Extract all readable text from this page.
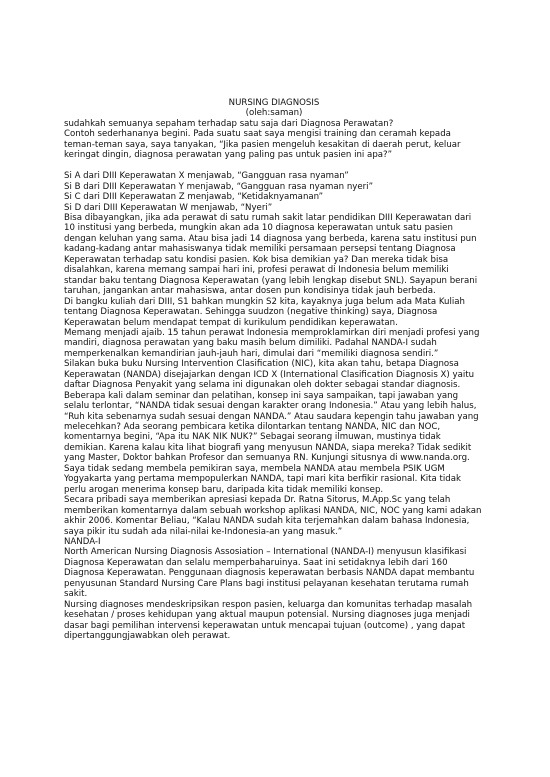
NURSING DIAGNOSIS
(oleh:saman)

sudahkah semuanya sepaham terhadap satu saja dari Diagnosa Perawatan?

Contoh sederhananya begini. Pada suatu saat saya mengisi training dan ceramah kepada teman-teman saya, saya tanyakan, “Jika pasien mengeluh kesakitan di daerah perut, keluar keringat dingin, diagnosa perawatan yang paling pas untuk pasien ini apa?”

Si A dari DIII Keperawatan X menjawab, “Gangguan rasa nyaman”

Si B dari DIII Keperawatan Y menjawab, “Gangguan rasa nyaman nyeri”

Si C dari DIII Keperawatan Z menjawab, “Ketidaknyamanan”

Si D dari DIII Keperawatan W menjawab, “Nyeri”

Bisa dibayangkan, jika ada perawat di satu rumah sakit latar pendidikan DIII Keperawatan dari 10 institusi yang berbeda, mungkin akan ada 10 diagnosa keperawatan untuk satu pasien dengan keluhan yang sama. Atau bisa jadi 14 diagnosa yang berbeda, karena satu institusi pun kadang-kadang antar mahasiswanya tidak memiliki persamaan persepsi tentang Diagnosa Keperawatan terhadap satu kondisi pasien. Kok bisa demikian ya? Dan mereka tidak bisa disalahkan, karena memang sampai hari ini, profesi perawat di Indonesia belum memiliki standar baku tentang Diagnosa Keperawatan (yang lebih lengkap disebut SNL). Sayapun berani taruhan, jangankan antar mahasiswa, antar dosen pun kondisinya tidak jauh berbeda.

Di bangku kuliah dari DIII, S1 bahkan mungkin S2 kita, kayaknya juga belum ada Mata Kuliah tentang Diagnosa Keperawatan. Sehingga suudzon (negative thinking) saya, Diagnosa Keperawatan belum mendapat tempat di kurikulum pendidikan keperawatan.

Memang menjadi ajaib. 15 tahun perawat Indonesia memproklamirkan diri menjadi profesi yang mandiri, diagnosa perawatan yang baku masih belum dimiliki. Padahal NANDA-I sudah memperkenalkan kemandirian jauh-jauh hari, dimulai dari “memiliki diagnosa sendiri.”

Silakan buka buku Nursing Intervention Clasification (NIC), kita akan tahu, betapa Diagnosa Keperawatan (NANDA) disejajarkan dengan ICD X (International Clasification Diagnosis X) yaitu daftar Diagnosa Penyakit yang selama ini digunakan oleh dokter sebagai standar diagnosis.

Beberapa kali dalam seminar dan pelatihan, konsep ini saya sampaikan, tapi jawaban yang selalu terlontar, “NANDA tidak sesuai dengan karakter orang Indonesia.” Atau yang lebih halus, “Ruh kita sebenarnya sudah sesuai dengan NANDA.” Atau saudara kepengin tahu jawaban yang melecehkan? Ada seorang pembicara ketika dilontarkan tentang NANDA, NIC dan NOC, komentarnya begini, “Apa itu NAK NIK NUK?” Sebagai seorang ilmuwan, mustinya tidak demikian. Karena kalau kita lihat biografi yang menyusun NANDA, siapa mereka? Tidak sedikit yang Master, Doktor bahkan Profesor dan semuanya RN. Kunjungi situsnya di www.nanda.org.

Saya tidak sedang membela pemikiran saya, membela NANDA atau membela PSIK UGM Yogyakarta yang pertama mempopulerkan NANDA, tapi mari kita berfikir rasional. Kita tidak perlu arogan menerima konsep baru, daripada kita tidak memiliki konsep.

Secara pribadi saya memberikan apresiasi kepada Dr. Ratna Sitorus, M.App.Sc yang telah memberikan komentarnya dalam sebuah workshop aplikasi NANDA, NIC, NOC yang kami adakan akhir 2006. Komentar Beliau, “Kalau NANDA sudah kita terjemahkan dalam bahasa Indonesia, saya pikir itu sudah ada nilai-nilai ke-Indonesia-an yang masuk.”

NANDA-I

North American Nursing Diagnosis Assosiation – International (NANDA-I) menyusun klasifikasi Diagnosa Keperawatan dan selalu memperbaharuinya. Saat ini setidaknya lebih dari 160 Diagnosa Keperawatan. Penggunaan diagnosis keperawatan berbasis NANDA dapat membantu penyusunan Standard Nursing Care Plans bagi institusi pelayanan kesehatan terutama rumah sakit.

Nursing diagnoses mendeskripsikan respon pasien, keluarga dan komunitas terhadap masalah kesehatan / proses kehidupan yang aktual maupun potensial. Nursing diagnoses juga menjadi dasar bagi pemilihan intervensi keperawatan untuk mencapai tujuan (outcome) , yang dapat dipertanggungjawabkan oleh perawat.
